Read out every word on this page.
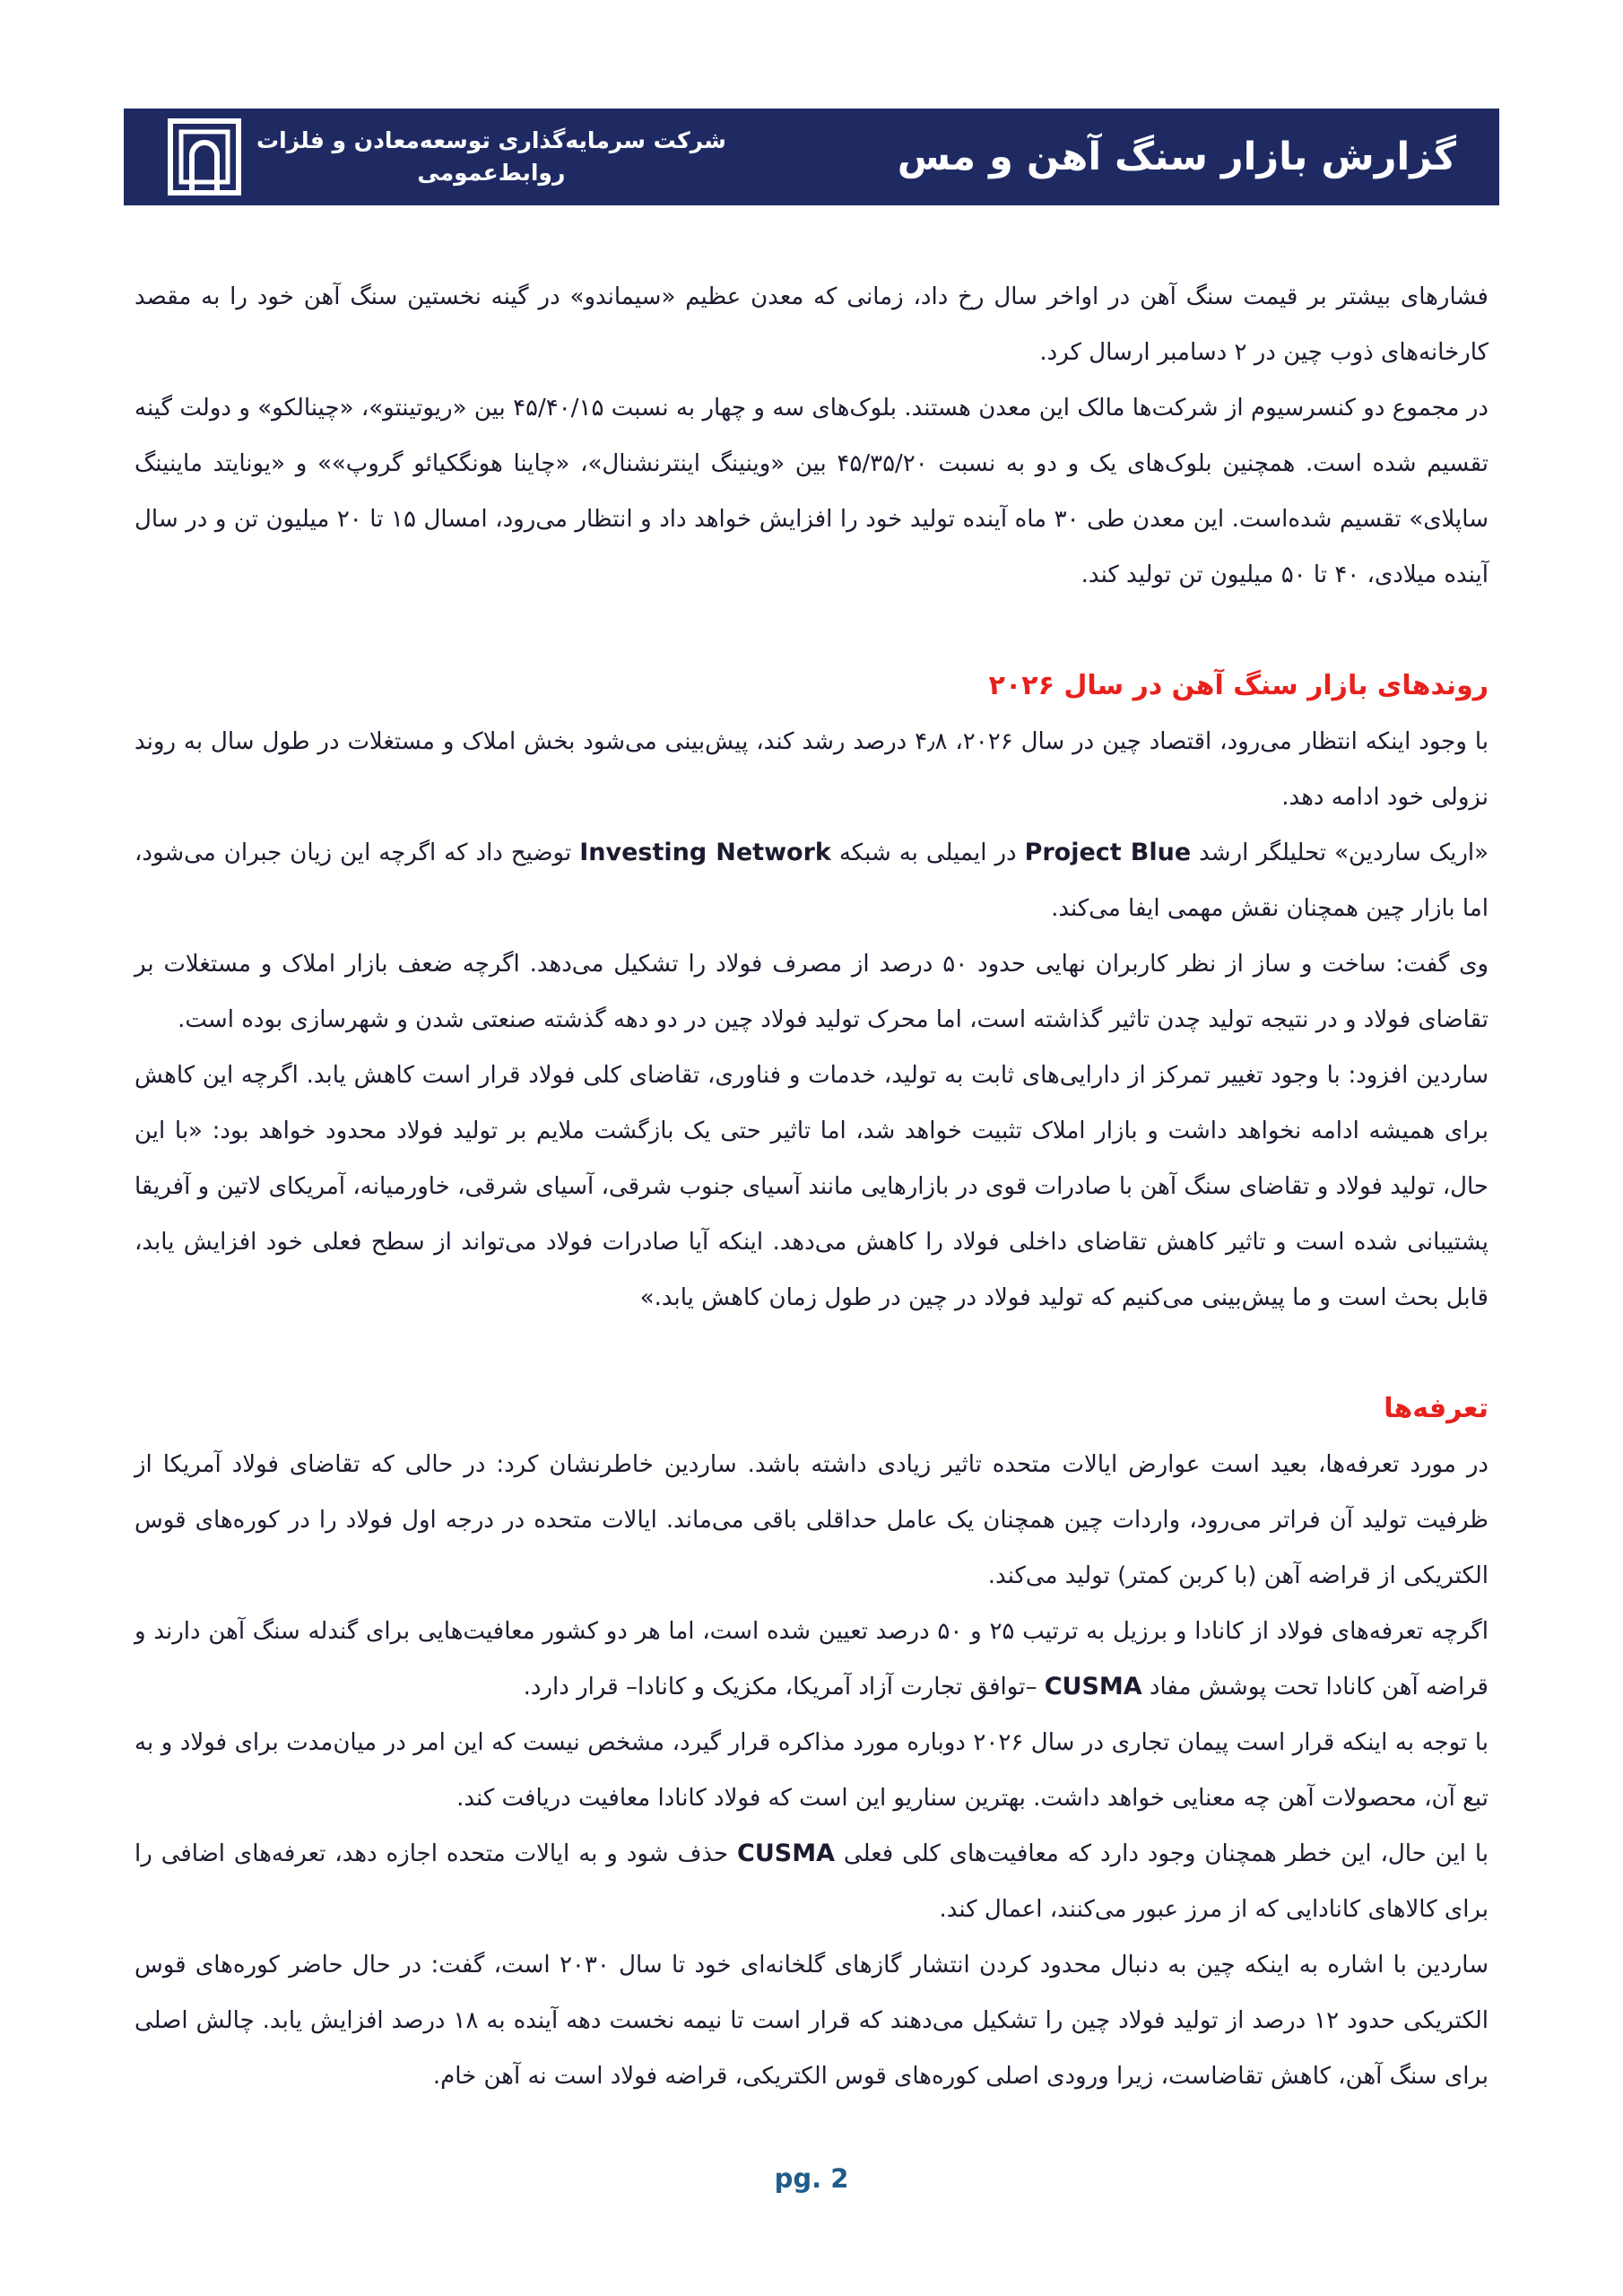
گزارش بازار سنگ آهن و مس
شرکت سرمایه‌گذاری توسعه‌معادن و فلزات
روابط‌عمومی

فشارهای بیشتر بر قیمت سنگ آهن در اواخر سال رخ داد، زمانی که معدن عظیم «سیماندو» در گینه نخستین سنگ آهن خود را به مقصد کارخانه‌های ذوب چین در ۲ دسامبر ارسال کرد.

در مجموع دو کنسرسیوم از شرکت‌ها مالک این معدن هستند. بلوک‌های سه و چهار به نسبت ۴۵/۴۰/۱۵ بین «ریوتینتو»، «چینالکو» و دولت گینه تقسیم شده است. همچنین بلوک‌های یک و دو به نسبت ۴۵/۳۵/۲۰ بین «وینینگ اینترنشنال»، «چاینا هونگکیائو گروپ»» و «یونایتد ماینینگ ساپلای» تقسیم شده‌است. این معدن طی ۳۰ ماه آینده تولید خود را افزایش خواهد داد و انتظار می‌رود، امسال ۱۵ تا ۲۰ میلیون تن و در سال آینده میلادی، ۴۰ تا ۵۰ میلیون تن تولید کند.

روندهای بازار سنگ آهن در سال ۲۰۲۶

با وجود اینکه انتظار می‌رود، اقتصاد چین در سال ۲۰۲۶، ۴٫۸ درصد رشد کند، پیش‌بینی می‌شود بخش املاک و مستغلات در طول سال به روند نزولی خود ادامه دهد.

«اریک ساردین» تحلیلگر ارشد Project Blue در ایمیلی به شبکه Investing Network توضیح داد که اگرچه این زیان جبران می‌شود، اما بازار چین همچنان نقش مهمی ایفا می‌کند.

وی گفت: ساخت و ساز از نظر کاربران نهایی حدود ۵۰ درصد از مصرف فولاد را تشکیل می‌دهد. اگرچه ضعف بازار املاک و مستغلات بر تقاضای فولاد و در نتیجه تولید چدن تاثیر گذاشته است، اما محرک تولید فولاد چین در دو دهه گذشته صنعتی شدن و شهرسازی بوده است.

ساردین افزود: با وجود تغییر تمرکز از دارایی‌های ثابت به تولید، خدمات و فناوری، تقاضای کلی فولاد قرار است کاهش یابد. اگرچه این کاهش برای همیشه ادامه نخواهد داشت و بازار املاک تثبیت خواهد شد، اما تاثیر حتی یک بازگشت ملایم بر تولید فولاد محدود خواهد بود: «با این حال، تولید فولاد و تقاضای سنگ آهن با صادرات قوی در بازارهایی مانند آسیای جنوب شرقی، آسیای شرقی، خاورمیانه، آمریکای لاتین و آفریقا پشتیبانی شده است و تاثیر کاهش تقاضای داخلی فولاد را کاهش می‌دهد. اینکه آیا صادرات فولاد می‌تواند از سطح فعلی خود افزایش یابد، قابل بحث است و ما پیش‌بینی می‌کنیم که تولید فولاد در چین در طول زمان کاهش یابد.»

تعرفه‌ها

در مورد تعرفه‌ها، بعید است عوارض ایالات متحده تاثیر زیادی داشته باشد. ساردین خاطرنشان کرد: در حالی که تقاضای فولاد آمریکا از ظرفیت تولید آن فراتر می‌رود، واردات چین همچنان یک عامل حداقلی باقی می‌ماند. ایالات متحده در درجه اول فولاد را در کوره‌های قوس الکتریکی از قراضه آهن (با کربن کمتر) تولید می‌کند.

اگرچه تعرفه‌های فولاد از کانادا و برزیل به ترتیب ۲۵ و ۵۰ درصد تعیین شده است، اما هر دو کشور معافیت‌هایی برای گندله سنگ آهن دارند و قراضه آهن کانادا تحت پوشش مفاد CUSMA –توافق تجارت آزاد آمریکا، مکزیک و کانادا– قرار دارد.

با توجه به اینکه قرار است پیمان تجاری در سال ۲۰۲۶ دوباره مورد مذاکره قرار گیرد، مشخص نیست که این امر در میان‌مدت برای فولاد و به تبع آن، محصولات آهن چه معنایی خواهد داشت. بهترین سناریو این است که فولاد کانادا معافیت دریافت کند.

با این حال، این خطر همچنان وجود دارد که معافیت‌های کلی فعلی CUSMA حذف شود و به ایالات متحده اجازه دهد، تعرفه‌های اضافی را برای کالاهای کانادایی که از مرز عبور می‌کنند، اعمال کند.

ساردین با اشاره به اینکه چین به دنبال محدود کردن انتشار گازهای گلخانه‌ای خود تا سال ۲۰۳۰ است، گفت: در حال حاضر کوره‌های قوس الکتریکی حدود ۱۲ درصد از تولید فولاد چین را تشکیل می‌دهند که قرار است تا نیمه نخست دهه آینده به ۱۸ درصد افزایش یابد. چالش اصلی برای سنگ آهن، کاهش تقاضاست، زیرا ورودی اصلی کوره‌های قوس الکتریکی، قراضه فولاد است نه آهن خام.

pg. 2
